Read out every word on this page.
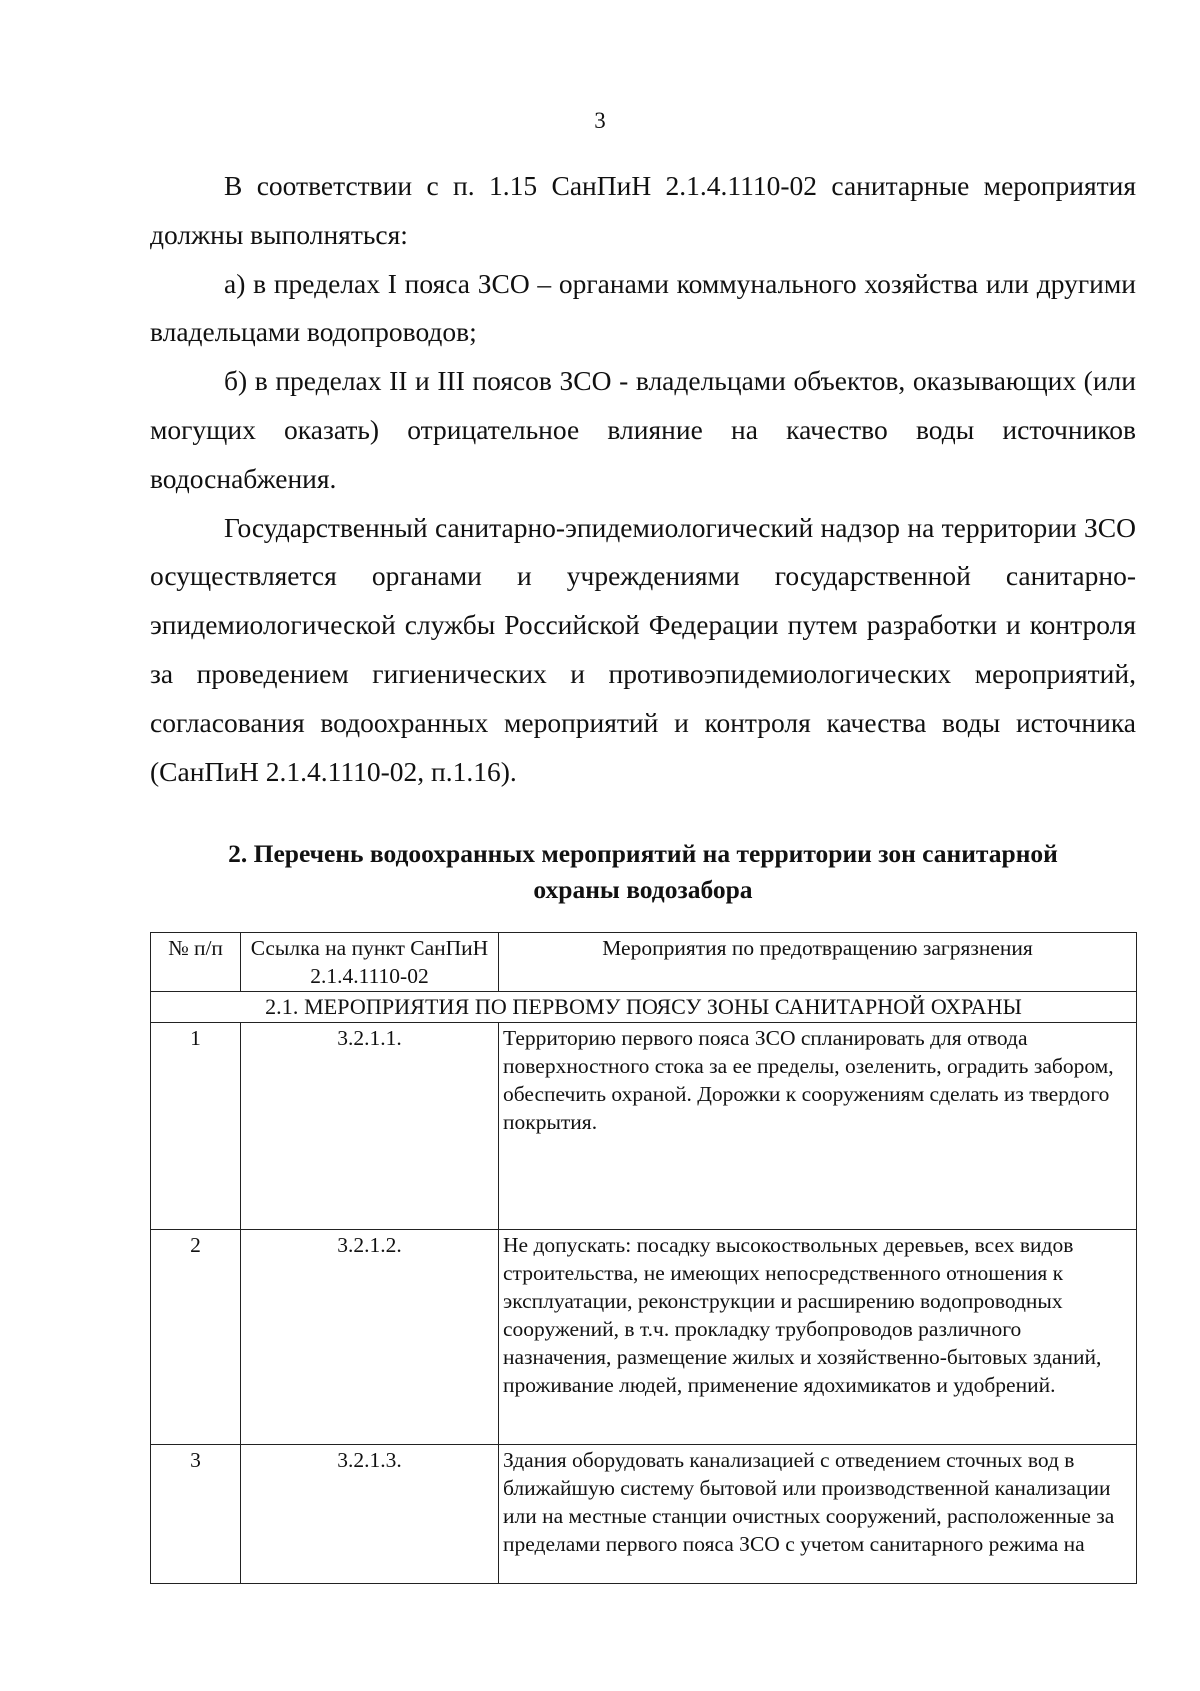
3

В соответствии с п. 1.15 СанПиН 2.1.4.1110-02 санитарные мероприятия должны выполняться:

а) в пределах I пояса ЗСО – органами коммунального хозяйства или другими владельцами водопроводов;

б) в пределах II и III поясов ЗСО - владельцами объектов, оказывающих (или могущих оказать) отрицательное влияние на качество воды источников водоснабжения.

Государственный санитарно-эпидемиологический надзор на территории ЗСО осуществляется органами и учреждениями государственной санитарно-эпидемиологической службы Российской Федерации путем разработки и контроля за проведением гигиенических и противоэпидемиологических мероприятий, согласования водоохранных мероприятий и контроля качества воды источника (СанПиН 2.1.4.1110-02, п.1.16).

2. Перечень водоохранных мероприятий на территории зон санитарной
охраны водозабора
№ п/п	Ссылка на пункт СанПиН 2.1.4.1110-02	Мероприятия по предотвращению загрязнения
2.1. МЕРОПРИЯТИЯ ПО ПЕРВОМУ ПОЯСУ ЗОНЫ САНИТАРНОЙ ОХРАНЫ		
1	3.2.1.1.	Территорию первого пояса ЗСО спланировать для отвода поверхностного стока за ее пределы, озеленить, оградить забором, обеспечить охраной. Дорожки к сооружениям сделать из твердого покрытия.
2	3.2.1.2.	Не допускать: посадку высокоствольных деревьев, всех видов строительства, не имеющих непосредственного отношения к эксплуатации, реконструкции и расширению водопроводных сооружений, в т.ч. прокладку трубопроводов различного назначения, размещение жилых и хозяйственно-бытовых зданий, проживание людей, применение ядохимикатов и удобрений.
3	3.2.1.3.	Здания оборудовать канализацией с отведением сточных вод в ближайшую систему бытовой или производственной канализации или на местные станции очистных сооружений, расположенные за пределами первого пояса ЗСО с учетом санитарного режима на
